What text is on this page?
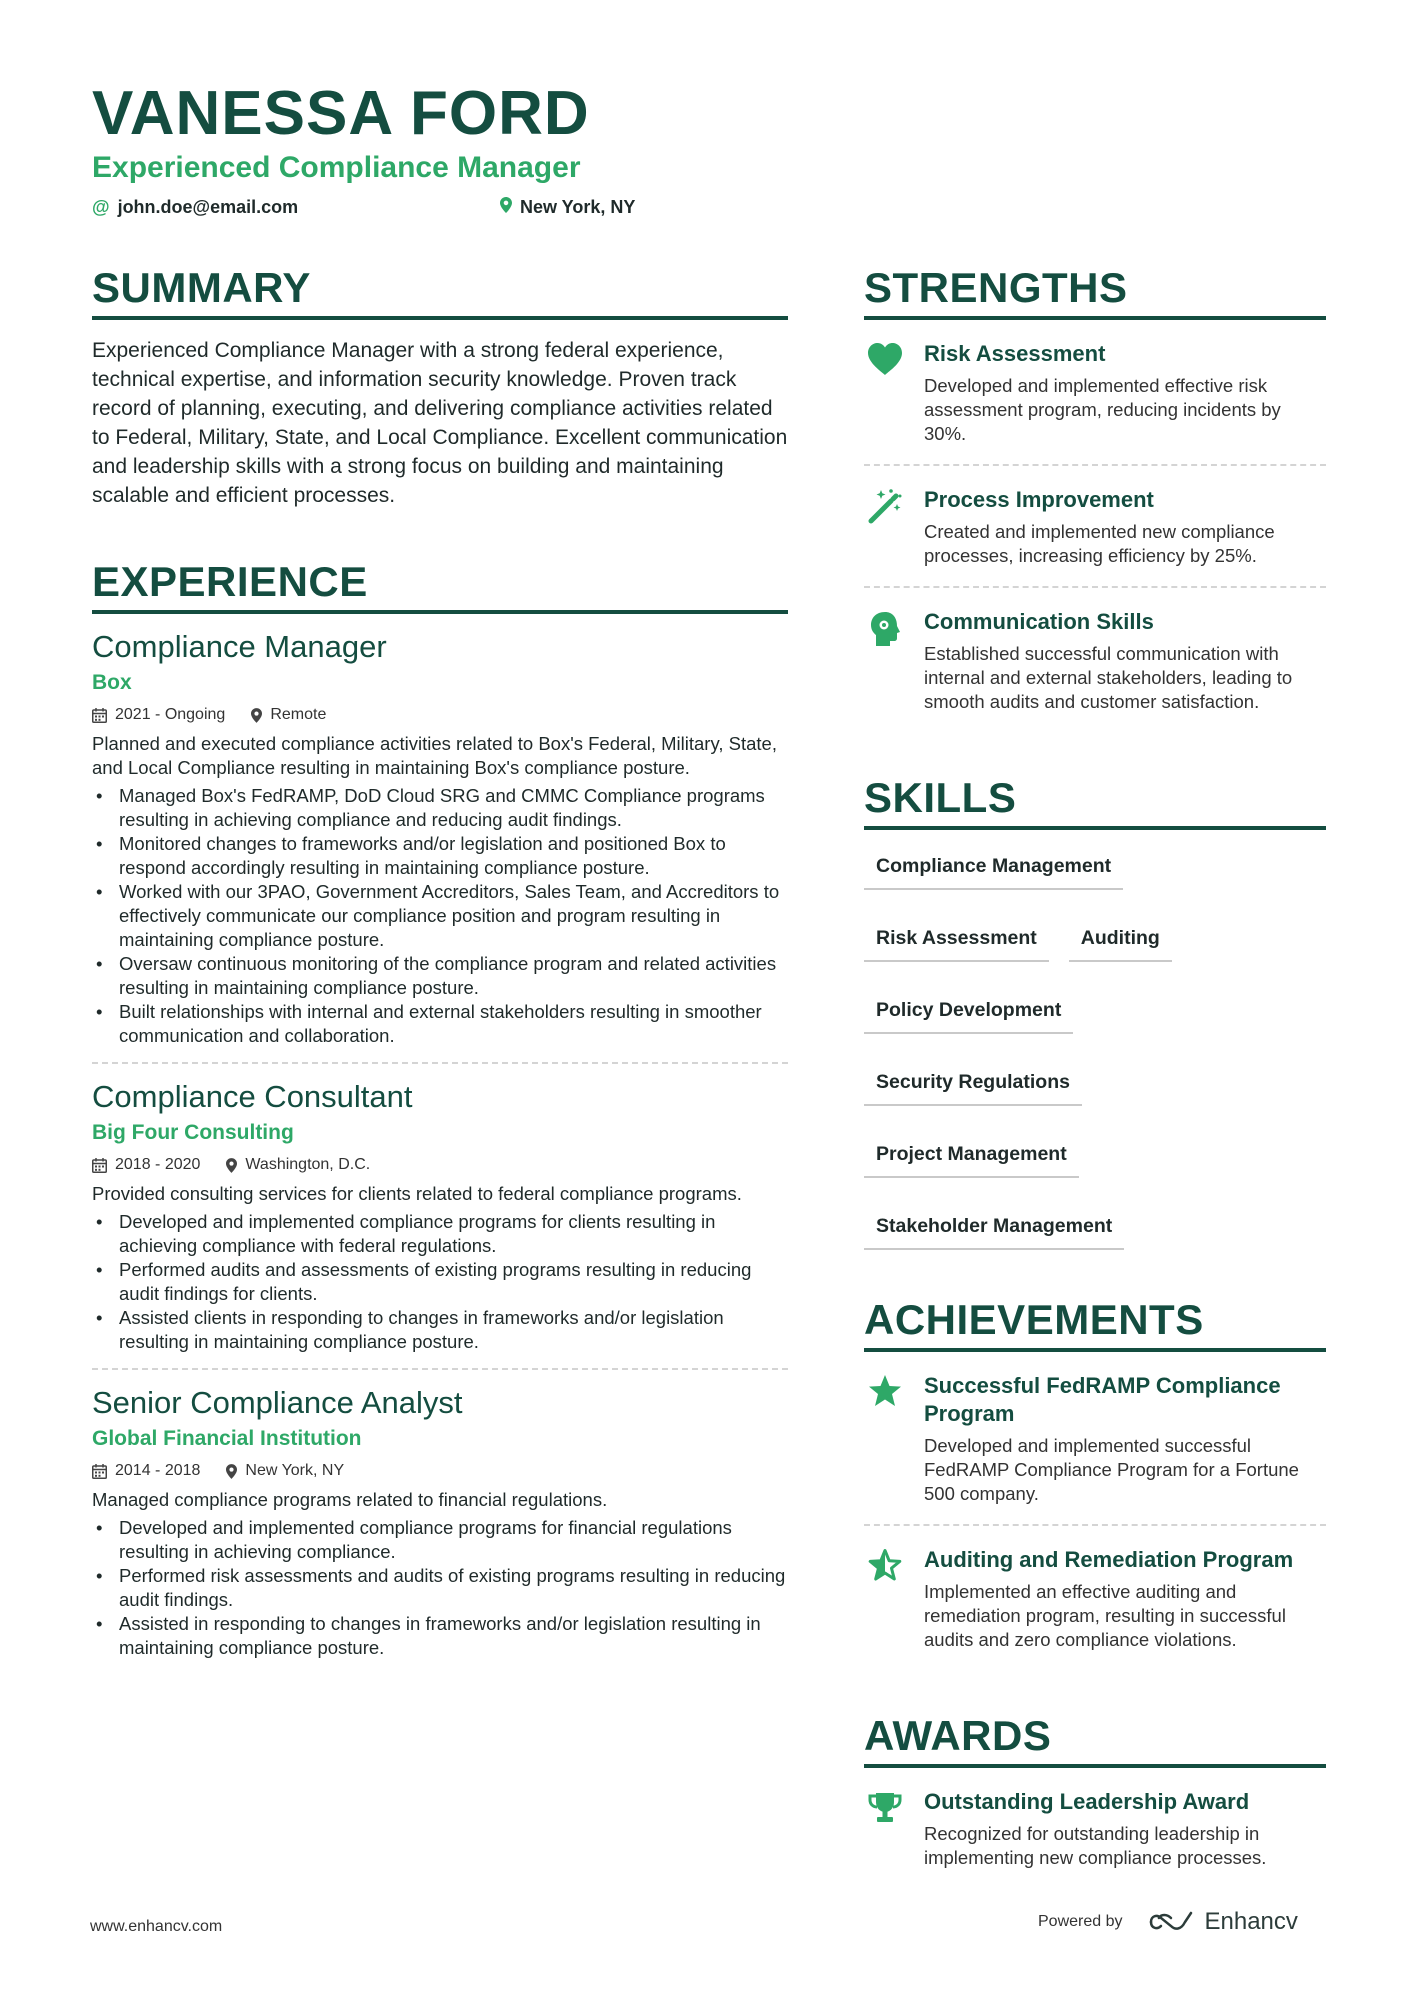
VANESSA FORD
Experienced Compliance Manager
@ john.doe@email.com	New York, NY
SUMMARY

Experienced Compliance Manager with a strong federal experience, technical expertise, and information security knowledge. Proven track record of planning, executing, and delivering compliance activities related to Federal, Military, State, and Local Compliance. Excellent communication and leadership skills with a strong focus on building and maintaining scalable and efficient processes.

EXPERIENCE
Compliance Manager
Box
2021 - Ongoing	Remote

Planned and executed compliance activities related to Box's Federal, Military, State, and Local Compliance resulting in maintaining Box's compliance posture.

• Managed Box's FedRAMP, DoD Cloud SRG and CMMC Compliance programs resulting in achieving compliance and reducing audit findings.
• Monitored changes to frameworks and/or legislation and positioned Box to respond accordingly resulting in maintaining compliance posture.
• Worked with our 3PAO, Government Accreditors, Sales Team, and Accreditors to effectively communicate our compliance position and program resulting in maintaining compliance posture.
• Oversaw continuous monitoring of the compliance program and related activities resulting in maintaining compliance posture.
• Built relationships with internal and external stakeholders resulting in smoother communication and collaboration.
Compliance Consultant
Big Four Consulting
2018 - 2020	Washington, D.C.

Provided consulting services for clients related to federal compliance programs.

• Developed and implemented compliance programs for clients resulting in achieving compliance with federal regulations.
• Performed audits and assessments of existing programs resulting in reducing audit findings for clients.
• Assisted clients in responding to changes in frameworks and/or legislation resulting in maintaining compliance posture.
Senior Compliance Analyst
Global Financial Institution
2014 - 2018	New York, NY

Managed compliance programs related to financial regulations.

• Developed and implemented compliance programs for financial regulations resulting in achieving compliance.
• Performed risk assessments and audits of existing programs resulting in reducing audit findings.
• Assisted in responding to changes in frameworks and/or legislation resulting in maintaining compliance posture.
STRENGTHS
Risk Assessment
Developed and implemented effective risk assessment program, reducing incidents by 30%.
Process Improvement
Created and implemented new compliance processes, increasing efficiency by 25%.
Communication Skills
Established successful communication with internal and external stakeholders, leading to smooth audits and customer satisfaction.
SKILLS
Compliance Management
Risk Assessment	Auditing
Policy Development
Security Regulations
Project Management
Stakeholder Management
ACHIEVEMENTS
Successful FedRAMP Compliance Program
Developed and implemented successful FedRAMP Compliance Program for a Fortune 500 company.
Auditing and Remediation Program
Implemented an effective auditing and remediation program, resulting in successful audits and zero compliance violations.
AWARDS
Outstanding Leadership Award
Recognized for outstanding leadership in implementing new compliance processes.
www.enhancv.com	Powered by	Enhancv
